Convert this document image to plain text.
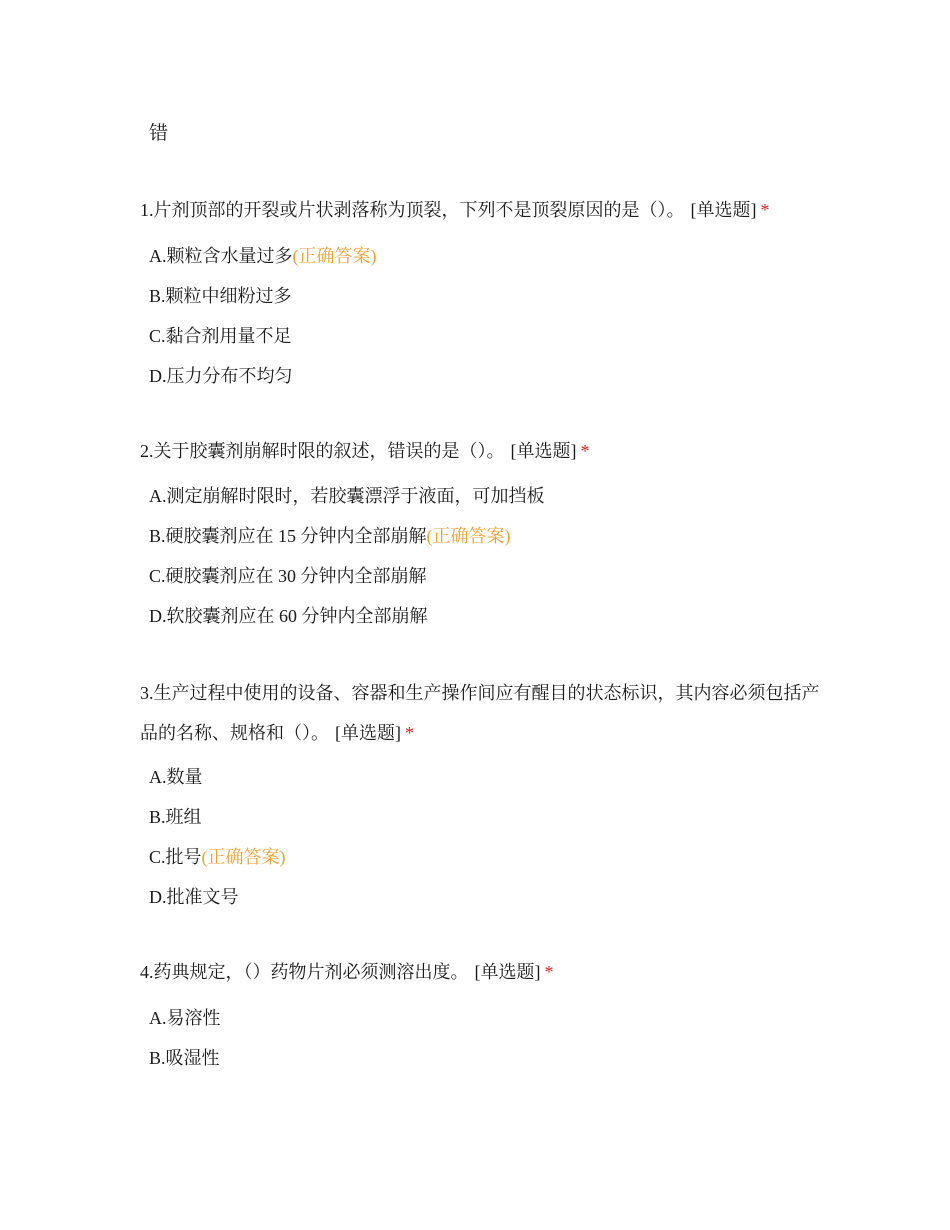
错

1.片剂顶部的开裂或片状剥落称为顶裂，下列不是顶裂原因的是（）。 [单选题] *

A.颗粒含水量过多(正确答案)
B.颗粒中细粉过多
C.黏合剂用量不足
D.压力分布不均匀

2.关于胶囊剂崩解时限的叙述，错误的是（）。 [单选题] *

A.测定崩解时限时，若胶囊漂浮于液面，可加挡板
B.硬胶囊剂应在 15 分钟内全部崩解(正确答案)
C.硬胶囊剂应在 30 分钟内全部崩解
D.软胶囊剂应在 60 分钟内全部崩解

3.生产过程中使用的设备、容器和生产操作间应有醒目的状态标识，其内容必须包括产品的名称、规格和（）。 [单选题] *

A.数量
B.班组
C.批号(正确答案)
D.批准文号

4.药典规定，（）药物片剂必须测溶出度。 [单选题] *

A.易溶性
B.吸湿性
